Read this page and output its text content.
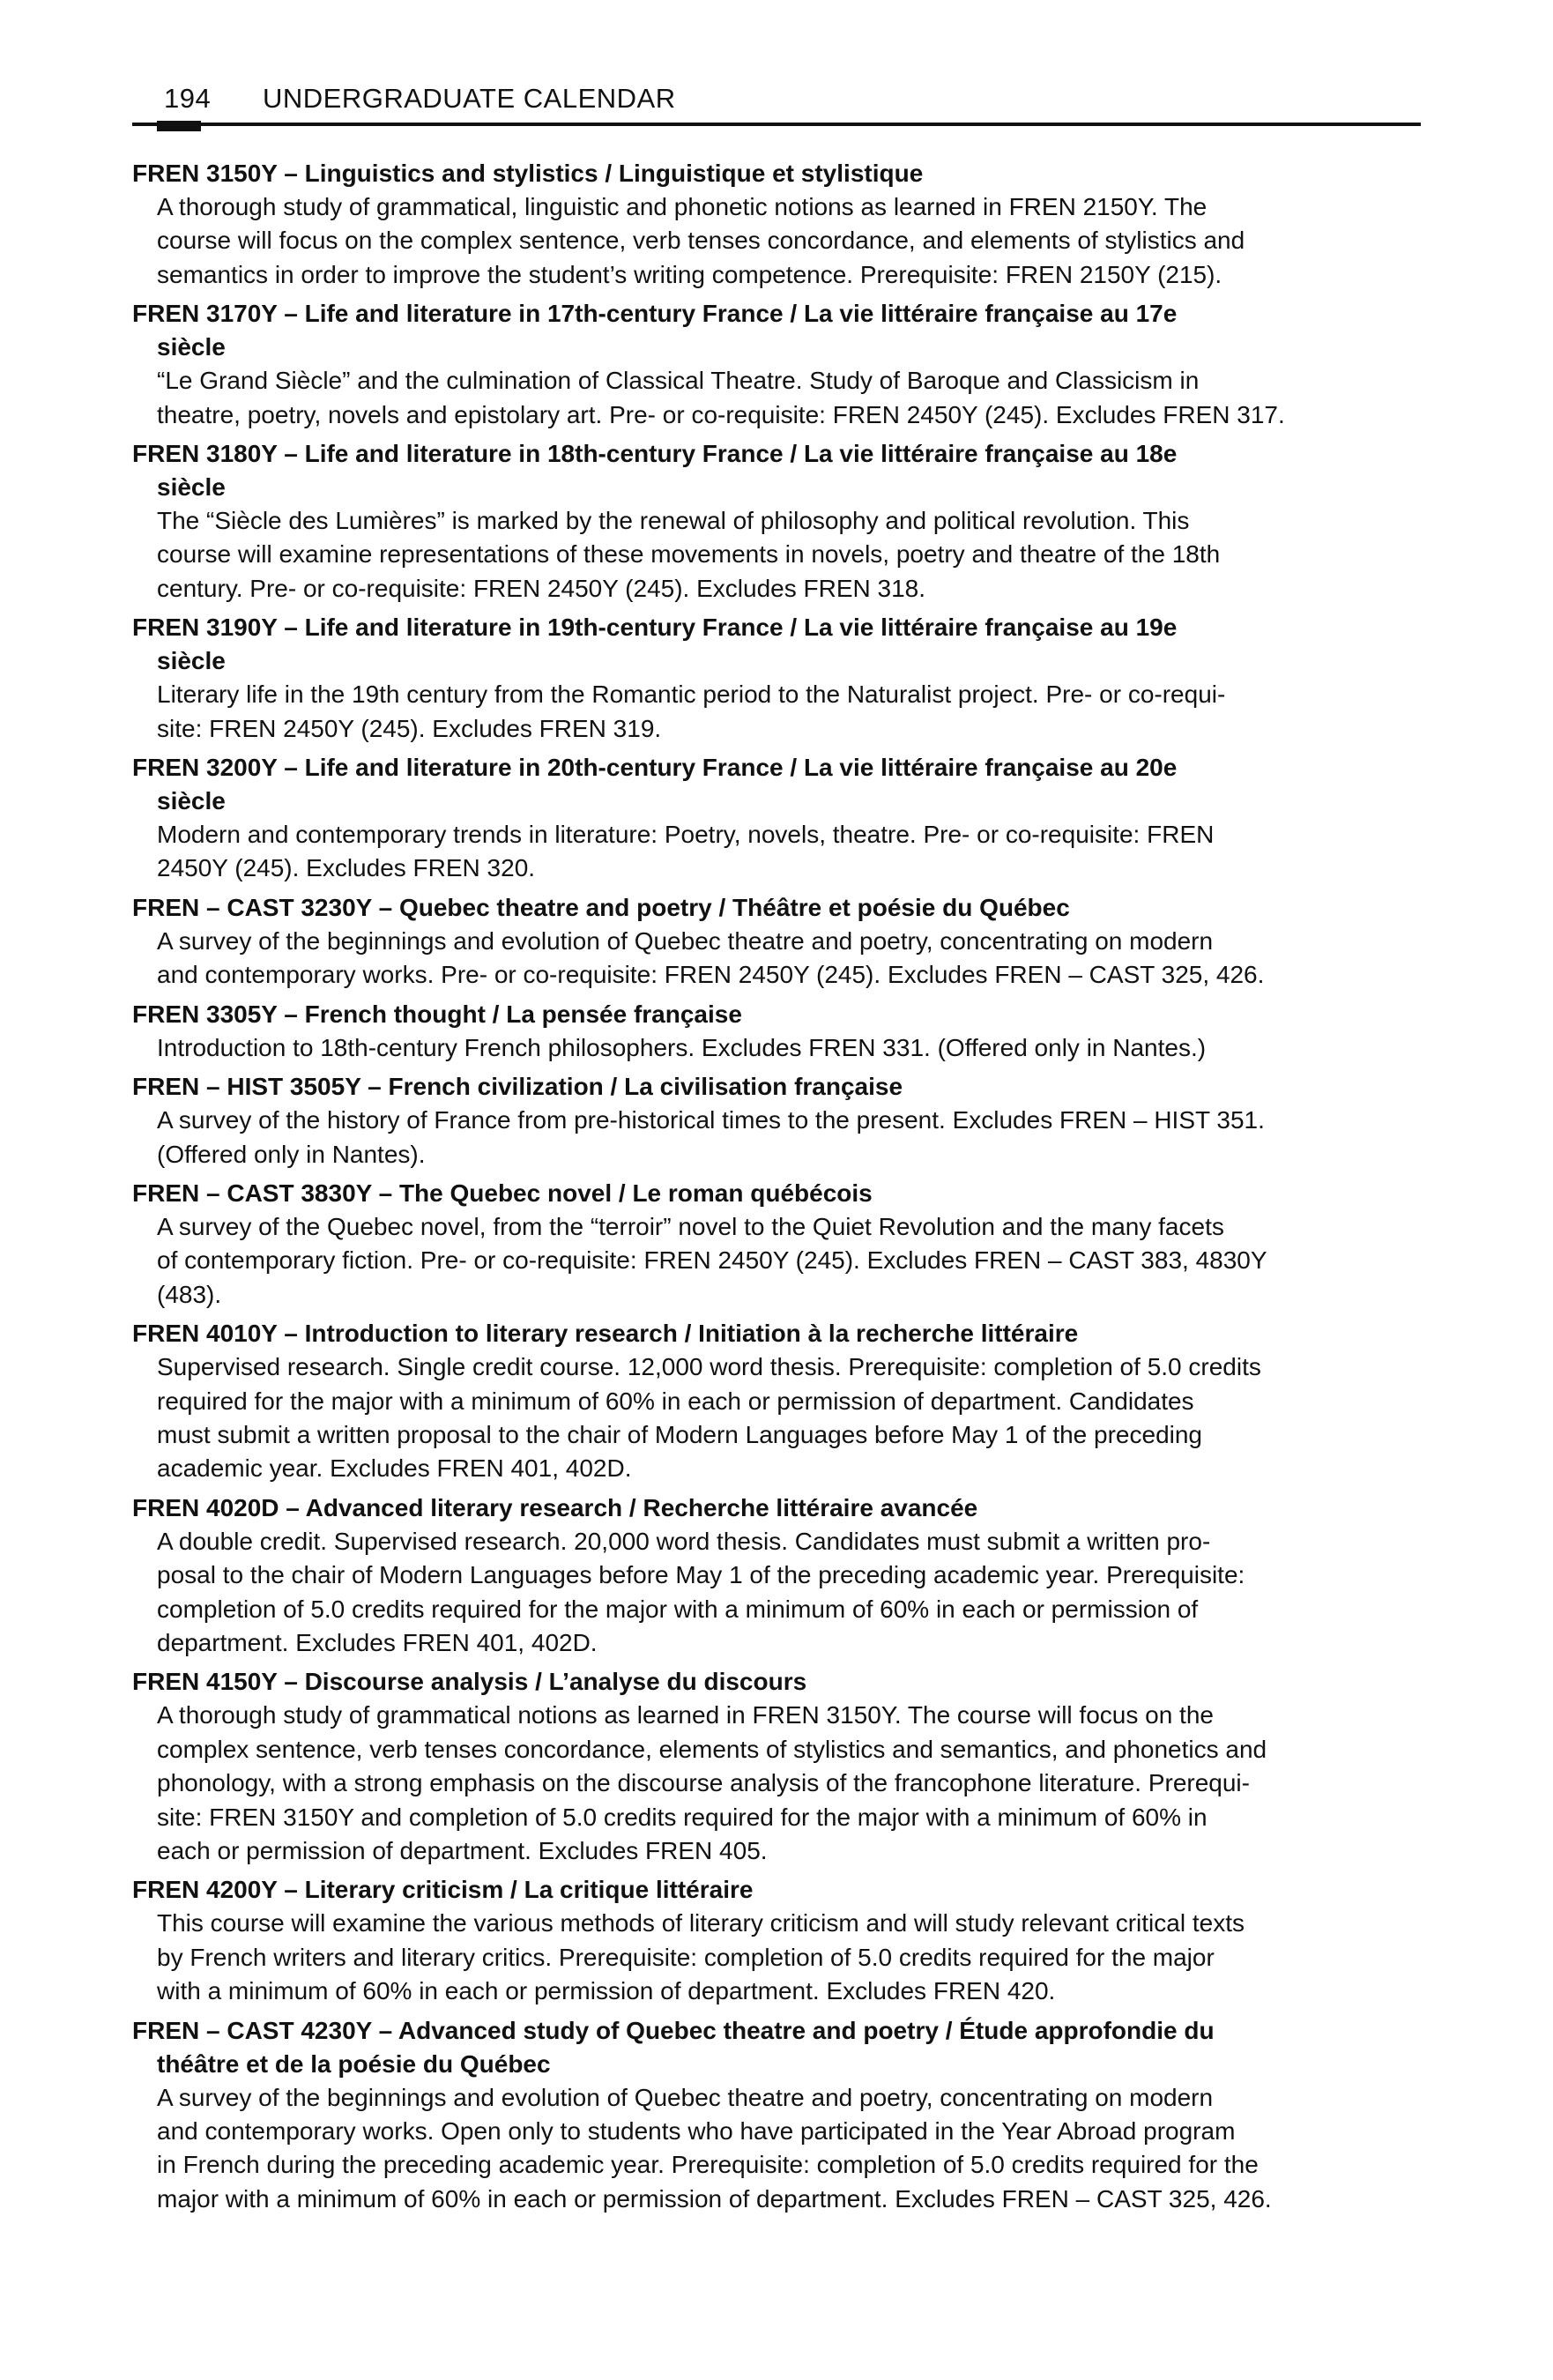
194 UNDERGRADUATE CALENDAR
FREN 3150Y – Linguistics and stylistics / Linguistique et stylistique
A thorough study of grammatical, linguistic and phonetic notions as learned in FREN 2150Y. The
course will focus on the complex sentence, verb tenses concordance, and elements of stylistics and
semantics in order to improve the student’s writing competence. Prerequisite: FREN 2150Y (215).
FREN 3170Y – Life and literature in 17th-century France / La vie littéraire française au 17e
siècle
“Le Grand Siècle” and the culmination of Classical Theatre. Study of Baroque and Classicism in
theatre, poetry, novels and epistolary art. Pre- or co-requisite: FREN 2450Y (245). Excludes FREN 317.
FREN 3180Y – Life and literature in 18th-century France / La vie littéraire française au 18e
siècle
The “Siècle des Lumières” is marked by the renewal of philosophy and political revolution. This
course will examine representations of these movements in novels, poetry and theatre of the 18th
century. Pre- or co-requisite: FREN 2450Y (245). Excludes FREN 318.
FREN 3190Y – Life and literature in 19th-century France / La vie littéraire française au 19e
siècle
Literary life in the 19th century from the Romantic period to the Naturalist project. Pre- or co-requi-
site: FREN 2450Y (245). Excludes FREN 319.
FREN 3200Y – Life and literature in 20th-century France / La vie littéraire française au 20e
siècle
Modern and contemporary trends in literature: Poetry, novels, theatre. Pre- or co-requisite: FREN
2450Y (245). Excludes FREN 320.
FREN – CAST 3230Y – Quebec theatre and poetry / Théâtre et poésie du Québec
A survey of the beginnings and evolution of Quebec theatre and poetry, concentrating on modern
and contemporary works. Pre- or co-requisite: FREN 2450Y (245). Excludes FREN – CAST 325, 426.
FREN 3305Y – French thought / La pensée française
Introduction to 18th-century French philosophers. Excludes FREN 331. (Offered only in Nantes.)
FREN – HIST 3505Y – French civilization / La civilisation française
A survey of the history of France from pre-historical times to the present. Excludes FREN – HIST 351.
(Offered only in Nantes).
FREN – CAST 3830Y – The Quebec novel / Le roman québécois
A survey of the Quebec novel, from the “terroir” novel to the Quiet Revolution and the many facets
of contemporary fiction. Pre- or co-requisite: FREN 2450Y (245). Excludes FREN – CAST 383, 4830Y
(483).
FREN 4010Y – Introduction to literary research / Initiation à la recherche littéraire
Supervised research. Single credit course. 12,000 word thesis. Prerequisite: completion of 5.0 credits
required for the major with a minimum of 60% in each or permission of department. Candidates
must submit a written proposal to the chair of Modern Languages before May 1 of the preceding
academic year. Excludes FREN 401, 402D.
FREN 4020D – Advanced literary research / Recherche littéraire avancée
A double credit. Supervised research. 20,000 word thesis. Candidates must submit a written pro-
posal to the chair of Modern Languages before May 1 of the preceding academic year. Prerequisite:
completion of 5.0 credits required for the major with a minimum of 60% in each or permission of
department. Excludes FREN 401, 402D.
FREN 4150Y – Discourse analysis / L’analyse du discours
A thorough study of grammatical notions as learned in FREN 3150Y. The course will focus on the
complex sentence, verb tenses concordance, elements of stylistics and semantics, and phonetics and
phonology, with a strong emphasis on the discourse analysis of the francophone literature. Prerequi-
site: FREN 3150Y and completion of 5.0 credits required for the major with a minimum of 60% in
each or permission of department. Excludes FREN 405.
FREN 4200Y – Literary criticism / La critique littéraire
This course will examine the various methods of literary criticism and will study relevant critical texts
by French writers and literary critics. Prerequisite: completion of 5.0 credits required for the major
with a minimum of 60% in each or permission of department. Excludes FREN 420.
FREN – CAST 4230Y – Advanced study of Quebec theatre and poetry / Étude approfondie du
théâtre et de la poésie du Québec
A survey of the beginnings and evolution of Quebec theatre and poetry, concentrating on modern
and contemporary works. Open only to students who have participated in the Year Abroad program
in French during the preceding academic year. Prerequisite: completion of 5.0 credits required for the
major with a minimum of 60% in each or permission of department. Excludes FREN – CAST 325, 426.
